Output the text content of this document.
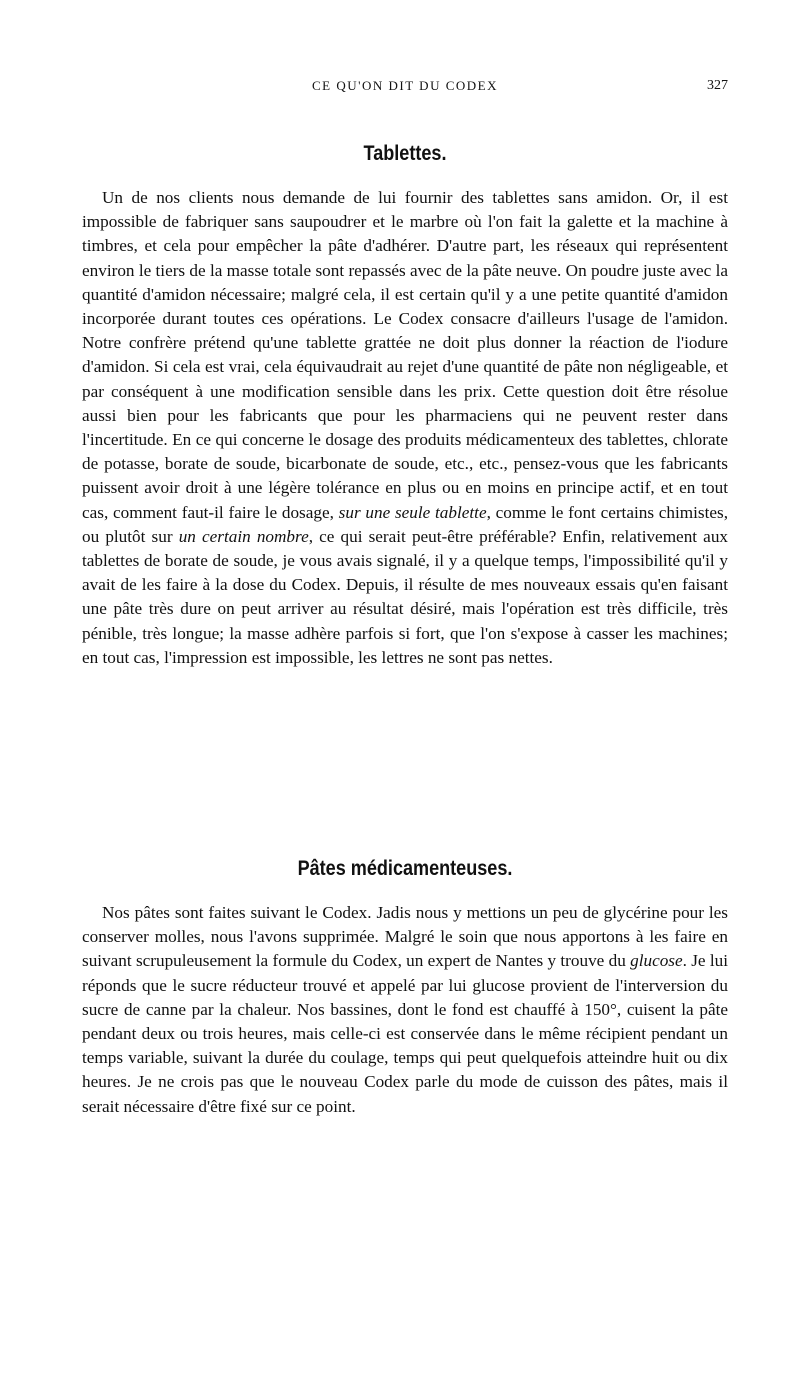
CE QU'ON DIT DU CODEX	327
Tablettes.

Un de nos clients nous demande de lui fournir des tablettes sans amidon. Or, il est impossible de fabriquer sans saupoudrer et le marbre où l'on fait la galette et la machine à timbres, et cela pour empêcher la pâte d'adhérer. D'autre part, les réseaux qui représentent environ le tiers de la masse totale sont repassés avec de la pâte neuve. On poudre juste avec la quantité d'amidon nécessaire; malgré cela, il est certain qu'il y a une petite quantité d'amidon incorporée durant toutes ces opérations. Le Codex consacre d'ailleurs l'usage de l'amidon. Notre confrère prétend qu'une tablette grattée ne doit plus donner la réaction de l'iodure d'amidon. Si cela est vrai, cela équivaudrait au rejet d'une quantité de pâte non négligeable, et par conséquent à une modification sensible dans les prix. Cette question doit être résolue aussi bien pour les fabricants que pour les pharmaciens qui ne peuvent rester dans l'incertitude. En ce qui concerne le dosage des produits médicamenteux des tablettes, chlorate de potasse, borate de soude, bicarbonate de soude, etc., etc., pensez-vous que les fabricants puissent avoir droit à une légère tolérance en plus ou en moins en principe actif, et en tout cas, comment faut-il faire le dosage, sur une seule tablette, comme le font certains chimistes, ou plutôt sur un certain nombre, ce qui serait peut-être préférable? Enfin, relativement aux tablettes de borate de soude, je vous avais signalé, il y a quelque temps, l'impossibilité qu'il y avait de les faire à la dose du Codex. Depuis, il résulte de mes nouveaux essais qu'en faisant une pâte très dure on peut arriver au résultat désiré, mais l'opération est très difficile, très pénible, très longue; la masse adhère parfois si fort, que l'on s'expose à casser les machines; en tout cas, l'impression est impossible, les lettres ne sont pas nettes.

Pâtes médicamenteuses.

Nos pâtes sont faites suivant le Codex. Jadis nous y mettions un peu de glycérine pour les conserver molles, nous l'avons supprimée. Malgré le soin que nous apportons à les faire en suivant scrupuleusement la formule du Codex, un expert de Nantes y trouve du glucose. Je lui réponds que le sucre réducteur trouvé et appelé par lui glucose provient de l'interversion du sucre de canne par la chaleur. Nos bassines, dont le fond est chauffé à 150°, cuisent la pâte pendant deux ou trois heures, mais celle-ci est conservée dans le même récipient pendant un temps variable, suivant la durée du coulage, temps qui peut quelquefois atteindre huit ou dix heures. Je ne crois pas que le nouveau Codex parle du mode de cuisson des pâtes, mais il serait nécessaire d'être fixé sur ce point.
